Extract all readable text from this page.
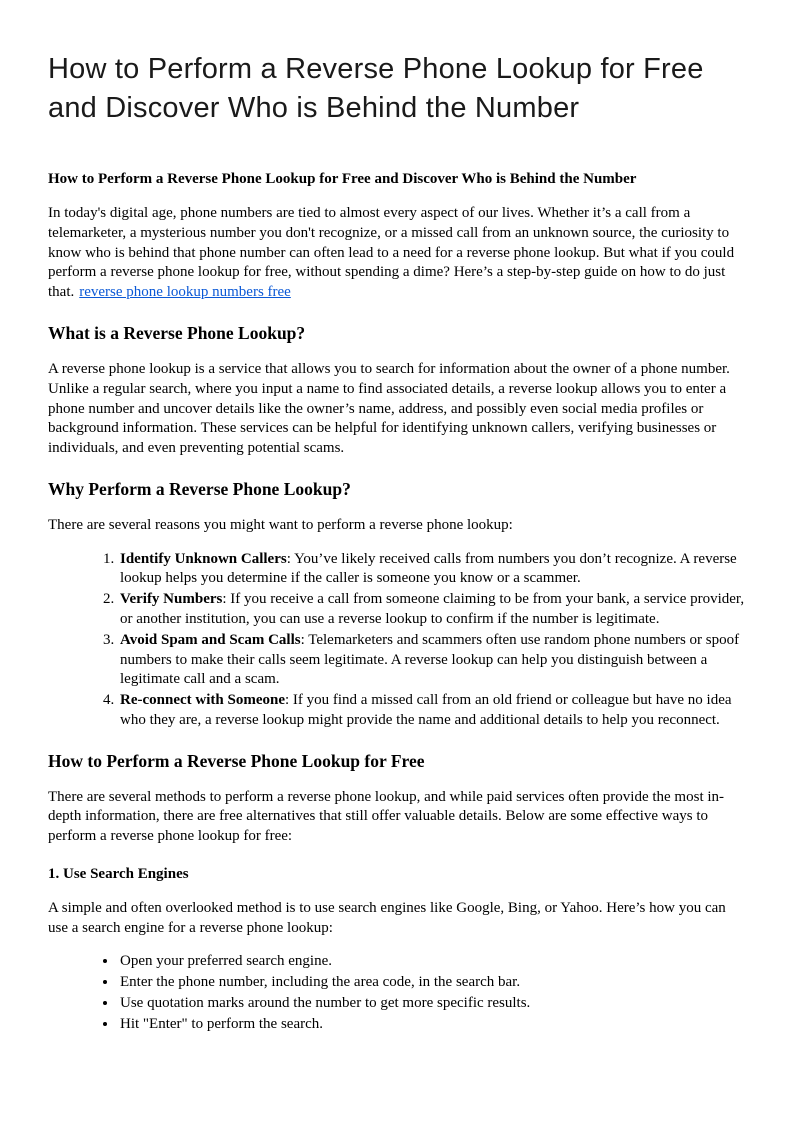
How to Perform a Reverse Phone Lookup for Free and Discover Who is Behind the Number

How to Perform a Reverse Phone Lookup for Free and Discover Who is Behind the Number

In today's digital age, phone numbers are tied to almost every aspect of our lives. Whether it’s a call from a telemarketer, a mysterious number you don't recognize, or a missed call from an unknown source, the curiosity to know who is behind that phone number can often lead to a need for a reverse phone lookup. But what if you could perform a reverse phone lookup for free, without spending a dime? Here’s a step-by-step guide on how to do just that. reverse phone lookup numbers free

What is a Reverse Phone Lookup?

A reverse phone lookup is a service that allows you to search for information about the owner of a phone number. Unlike a regular search, where you input a name to find associated details, a reverse lookup allows you to enter a phone number and uncover details like the owner’s name, address, and possibly even social media profiles or background information. These services can be helpful for identifying unknown callers, verifying businesses or individuals, and even preventing potential scams.

Why Perform a Reverse Phone Lookup?

There are several reasons you might want to perform a reverse phone lookup:

1. Identify Unknown Callers: You’ve likely received calls from numbers you don’t recognize. A reverse lookup helps you determine if the caller is someone you know or a scammer.
2. Verify Numbers: If you receive a call from someone claiming to be from your bank, a service provider, or another institution, you can use a reverse lookup to confirm if the number is legitimate.
3. Avoid Spam and Scam Calls: Telemarketers and scammers often use random phone numbers or spoof numbers to make their calls seem legitimate. A reverse lookup can help you distinguish between a legitimate call and a scam.
4. Re-connect with Someone: If you find a missed call from an old friend or colleague but have no idea who they are, a reverse lookup might provide the name and additional details to help you reconnect.
How to Perform a Reverse Phone Lookup for Free

There are several methods to perform a reverse phone lookup, and while paid services often provide the most in-depth information, there are free alternatives that still offer valuable details. Below are some effective ways to perform a reverse phone lookup for free:

1. Use Search Engines

A simple and often overlooked method is to use search engines like Google, Bing, or Yahoo. Here’s how you can use a search engine for a reverse phone lookup:

• Open your preferred search engine.
• Enter the phone number, including the area code, in the search bar.
• Use quotation marks around the number to get more specific results.
• Hit "Enter" to perform the search.
